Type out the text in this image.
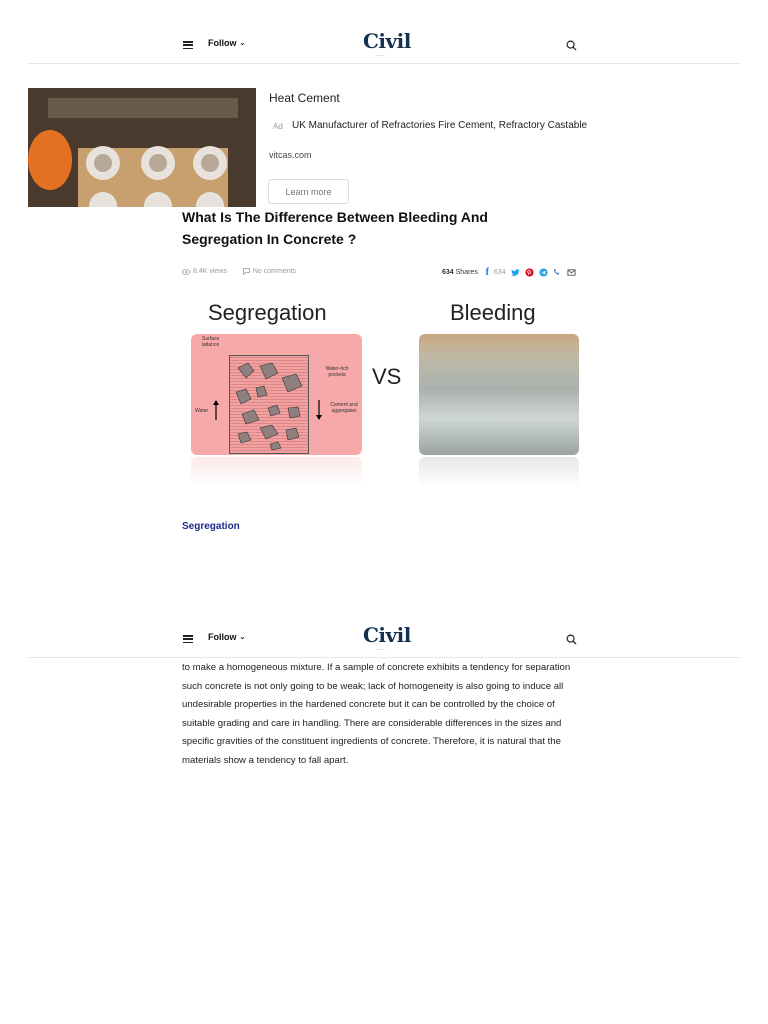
Follow ⌄	Civil
⋯⋯⋯
Heat Cement
Ad UK Manufacturer of Refractories Fire Cement, Refractory Castable
vitcas.com
Learn more
What Is The Difference Between Bleeding And Segregation In Concrete ?
8.4K views	No comments	634 Shares f 634
Segregation	Bleeding
Surface laitance
Water-rich pockets
Water
Cement and aggregates
VS
Segregation
Follow ⌄	Civil
⋯⋯⋯

to make a homogeneous mixture. If a sample of concrete exhibits a tendency for separation such concrete is not only going to be weak; lack of homogeneity is also going to induce all undesirable properties in the hardened concrete but it can be controlled by the choice of suitable grading and care in handling. There are considerable differences in the sizes and specific gravities of the constituent ingredients of concrete. Therefore, it is natural that the materials show a tendency to fall apart.
